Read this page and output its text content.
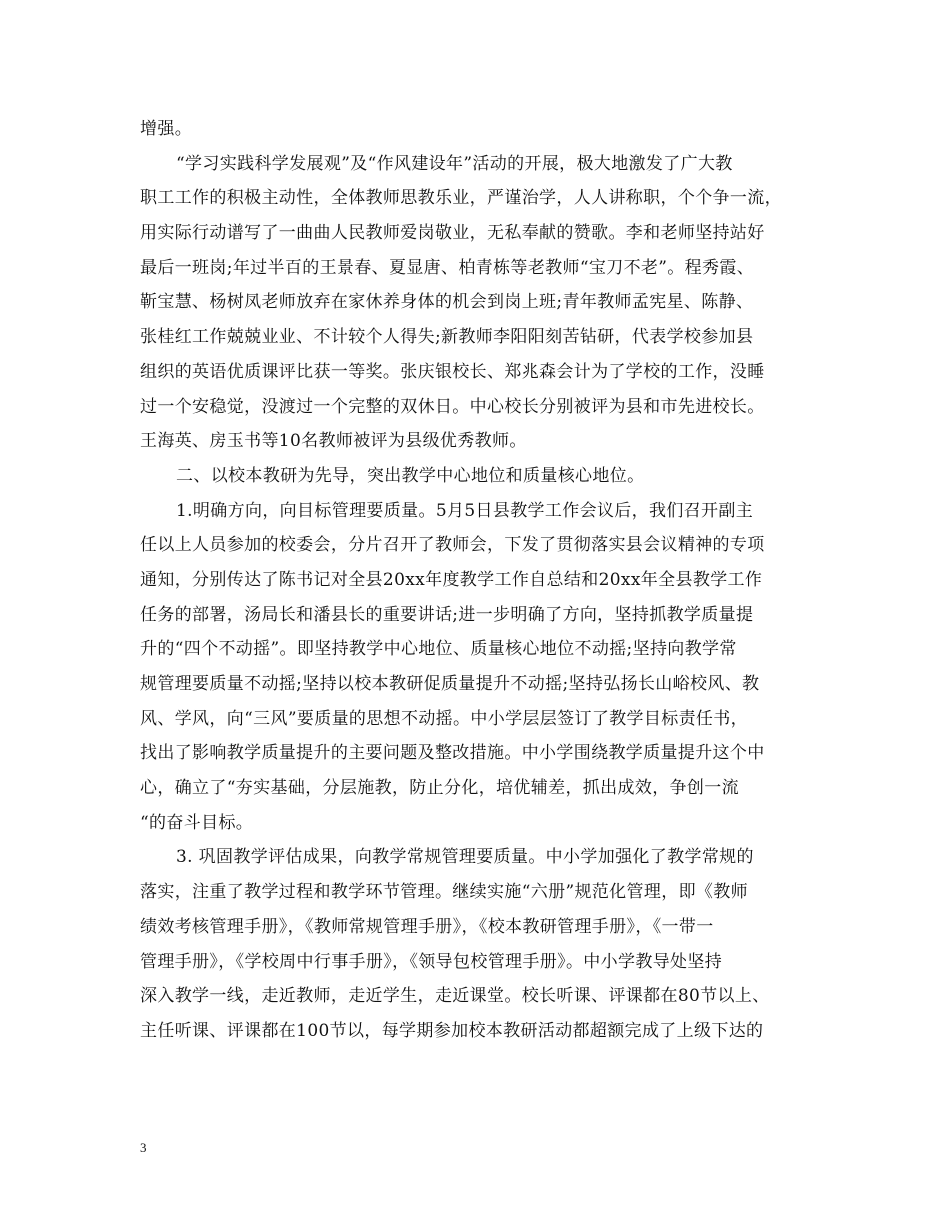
增强。
“学习实践科学发展观”及“作风建设年”活动的开展，极大地激发了广大教
职工工作的积极主动性，全体教师思教乐业，严谨治学，人人讲称职，个个争一流，
用实际行动谱写了一曲曲人民教师爱岗敬业，无私奉献的赞歌。李和老师坚持站好
最后一班岗;年过半百的王景春、夏显唐、柏青栋等老教师“宝刀不老”。程秀霞、
靳宝慧、杨树凤老师放弃在家休养身体的机会到岗上班;青年教师孟宪星、陈静、
张桂红工作兢兢业业、不计较个人得失;新教师李阳阳刻苦钻研，代表学校参加县
组织的英语优质课评比获一等奖。张庆银校长、郑兆森会计为了学校的工作，没睡
过一个安稳觉，没渡过一个完整的双休日。中心校长分别被评为县和市先进校长。
王海英、房玉书等10名教师被评为县级优秀教师。
二、以校本教研为先导，突出教学中心地位和质量核心地位。
1.明确方向，向目标管理要质量。5月5日县教学工作会议后，我们召开副主
任以上人员参加的校委会，分片召开了教师会，下发了贯彻落实县会议精神的专项
通知，分别传达了陈书记对全县20xx年度教学工作自总结和20xx年全县教学工作
任务的部署，汤局长和潘县长的重要讲话;进一步明确了方向，坚持抓教学质量提
升的“四个不动摇”。即坚持教学中心地位、质量核心地位不动摇;坚持向教学常
规管理要质量不动摇;坚持以校本教研促质量提升不动摇;坚持弘扬长山峪校风、教
风、学风，向“三风”要质量的思想不动摇。中小学层层签订了教学目标责任书，
找出了影响教学质量提升的主要问题及整改措施。中小学围绕教学质量提升这个中
心，确立了“夯实基础，分层施教，防止分化，培优辅差，抓出成效，争创一流
“的奋斗目标。
3. 巩固教学评估成果，向教学常规管理要质量。中小学加强化了教学常规的
落实，注重了教学过程和教学环节管理。继续实施“六册”规范化管理，即《教师
绩效考核管理手册》，《教师常规管理手册》，《校本教研管理手册》，《一带一
管理手册》，《学校周中行事手册》，《领导包校管理手册》。中小学教导处坚持
深入教学一线，走近教师，走近学生，走近课堂。校长听课、评课都在80节以上、
主任听课、评课都在100节以，每学期参加校本教研活动都超额完成了上级下达的
3
